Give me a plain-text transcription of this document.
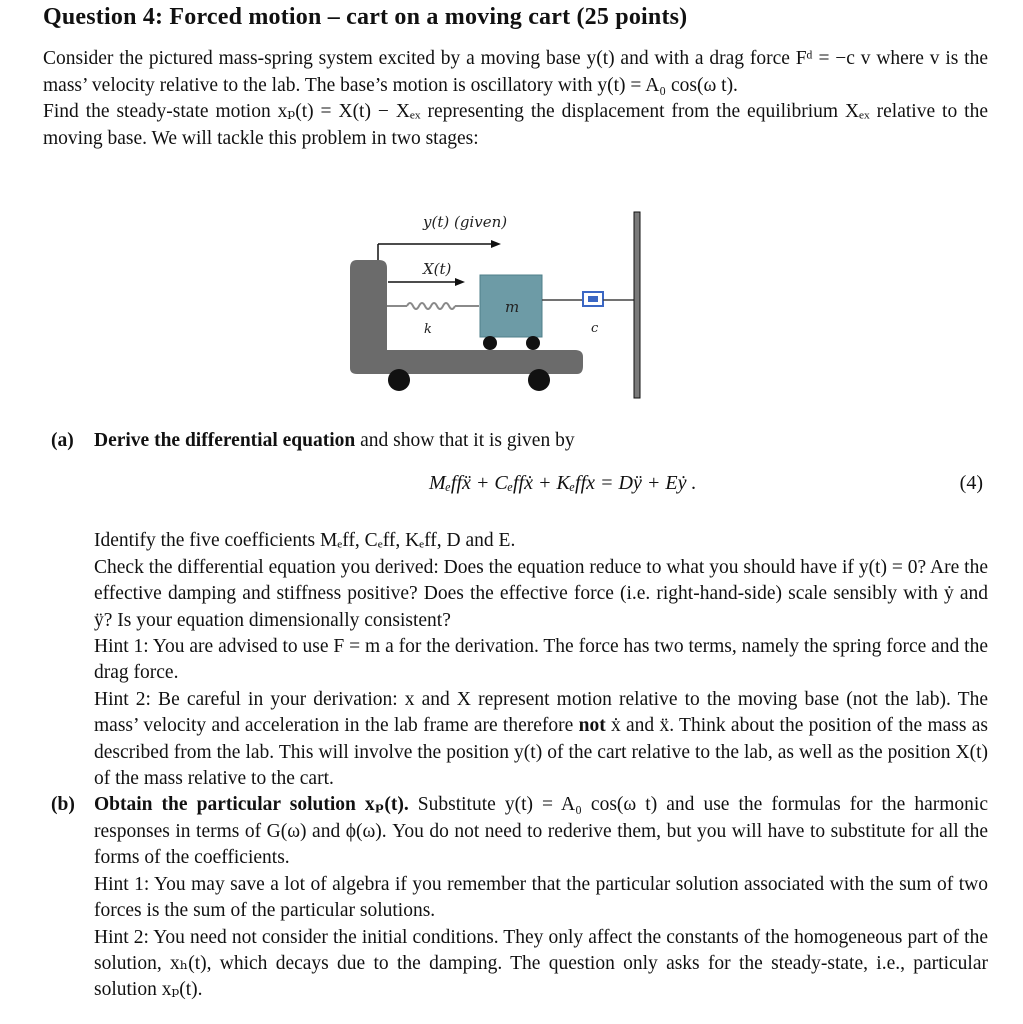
Question 4: Forced motion – cart on a moving cart (25 points)

Consider the pictured mass-spring system excited by a moving base y(t) and with a drag force Fᵈ = −c v where v is the mass’ velocity relative to the lab. The base’s motion is oscillatory with y(t) = A₀ cos(ω t).

Find the steady-state motion xₚ(t) = X(t) − Xₑₓ representing the displacement from the equilibrium Xₑₓ relative to the moving base. We will tackle this problem in two stages:

y(t) (given)
X(t)
k
m
c
(a) Derive the differential equation and show that it is given by

Mₑffẍ + Cₑffẋ + Kₑffx = Dÿ + Eẏ .	(4)

Identify the five coefficients Mₑff, Cₑff, Kₑff, D and E.

Check the differential equation you derived: Does the equation reduce to what you should have if y(t) = 0? Are the effective damping and stiffness positive? Does the effective force (i.e. right-hand-side) scale sensibly with ẏ and ÿ? Is your equation dimensionally consistent?

Hint 1: You are advised to use F = m a for the derivation. The force has two terms, namely the spring force and the drag force.

Hint 2: Be careful in your derivation: x and X represent motion relative to the moving base (not the lab). The mass’ velocity and acceleration in the lab frame are therefore not ẋ and ẍ. Think about the position of the mass as described from the lab. This will involve the position y(t) of the cart relative to the lab, as well as the position X(t) of the mass relative to the cart.

(b) Obtain the particular solution xₚ(t). Substitute y(t) = A₀ cos(ω t) and use the formulas for the harmonic responses in terms of G(ω) and ϕ(ω). You do not need to rederive them, but you will have to substitute for all the forms of the coefficients.

Hint 1: You may save a lot of algebra if you remember that the particular solution associated with the sum of two forces is the sum of the particular solutions.

Hint 2: You need not consider the initial conditions. They only affect the constants of the homogeneous part of the solution, xₕ(t), which decays due to the damping. The question only asks for the steady-state, i.e., particular solution xₚ(t).
